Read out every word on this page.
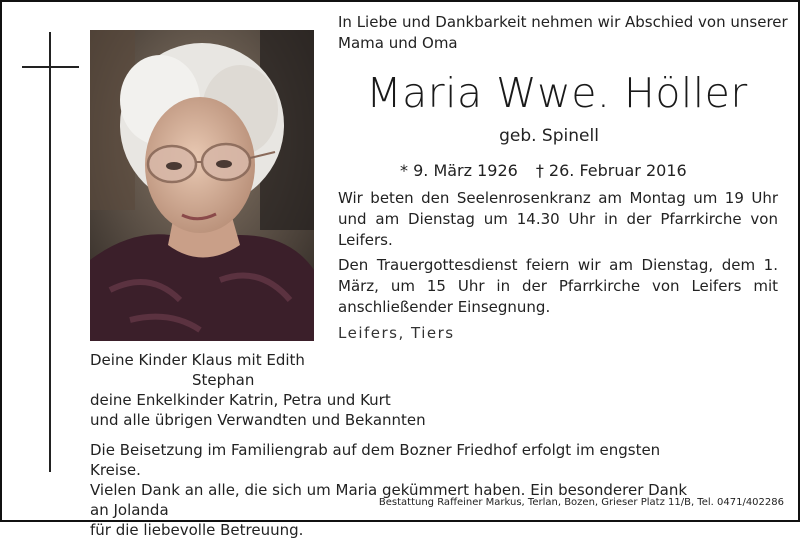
In Liebe und Dankbarkeit nehmen wir Abschied von unserer
Mama und Oma
Maria Wwe. Höller
geb. Spinell
* 9. März 1926 † 26. Februar 2016
Wir beten den Seelenrosenkranz am Montag um 19 Uhr und am Dienstag um 14.30 Uhr in der Pfarrkirche von Leifers.
Den Trauergottesdienst feiern wir am Dienstag, dem 1. März, um 15 Uhr in der Pfarrkirche von Leifers mit anschließender Einsegnung.
Leifers, Tiers
Deine Kinder Klaus mit Edith
Stephan
deine Enkelkinder Katrin, Petra und Kurt
und alle übrigen Verwandten und Bekannten
Die Beisetzung im Familiengrab auf dem Bozner Friedhof erfolgt im engsten Kreise.
Vielen Dank an alle, die sich um Maria gekümmert haben. Ein besonderer Dank an Jolanda
für die liebevolle Betreuung.
Bestattung Raffeiner Markus, Terlan, Bozen, Grieser Platz 11/B, Tel. 0471/402286
